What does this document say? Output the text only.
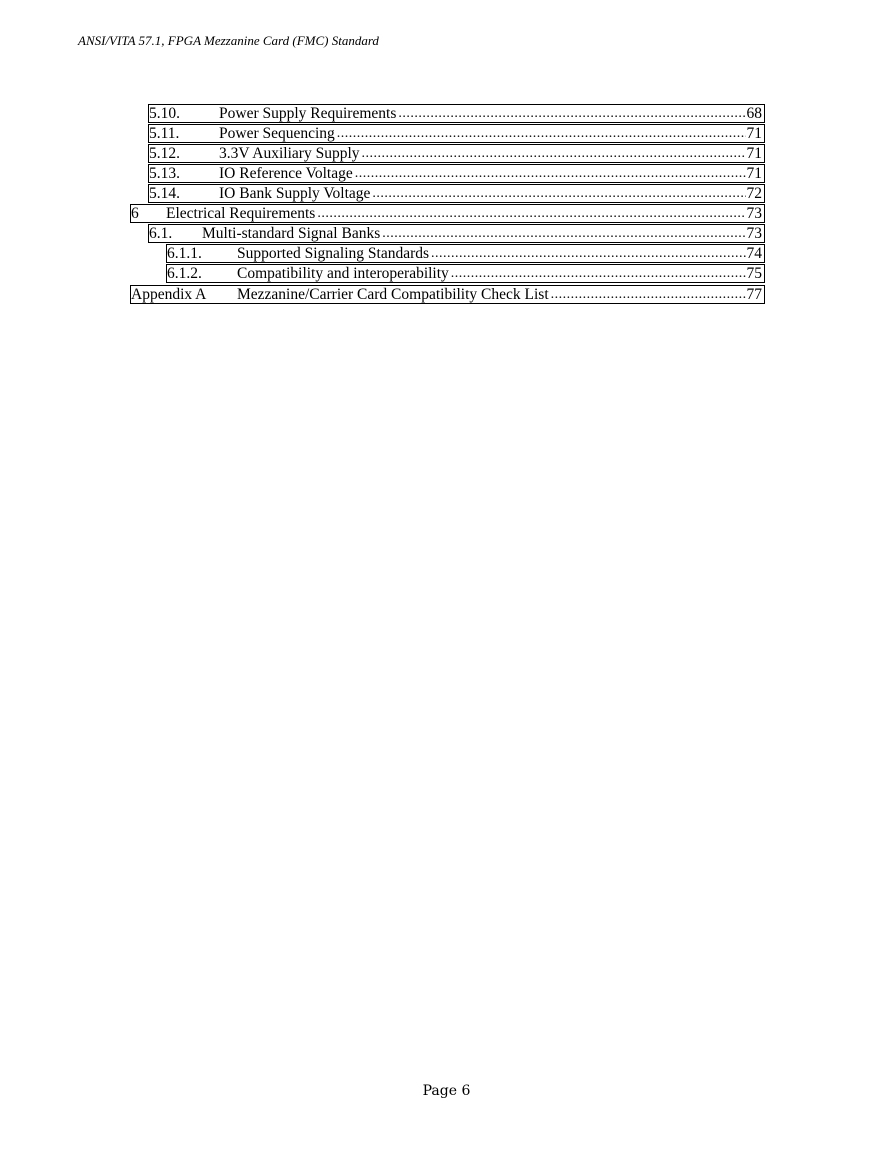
ANSI/VITA 57.1, FPGA Mezzanine Card (FMC) Standard
5.10.	Power Supply Requirements .....	68
5.11.	Power Sequencing .....	71
5.12.	3.3V Auxiliary Supply .....	71
5.13.	IO Reference Voltage .....	71
5.14.	IO Bank Supply Voltage .....	72
6	Electrical Requirements .....	73
6.1.	Multi-standard Signal Banks .....	73
6.1.1.	Supported Signaling Standards .....	74
6.1.2.	Compatibility and interoperability .....	75
Appendix A	Mezzanine/Carrier Card Compatibility Check List .....	77
Page 6
